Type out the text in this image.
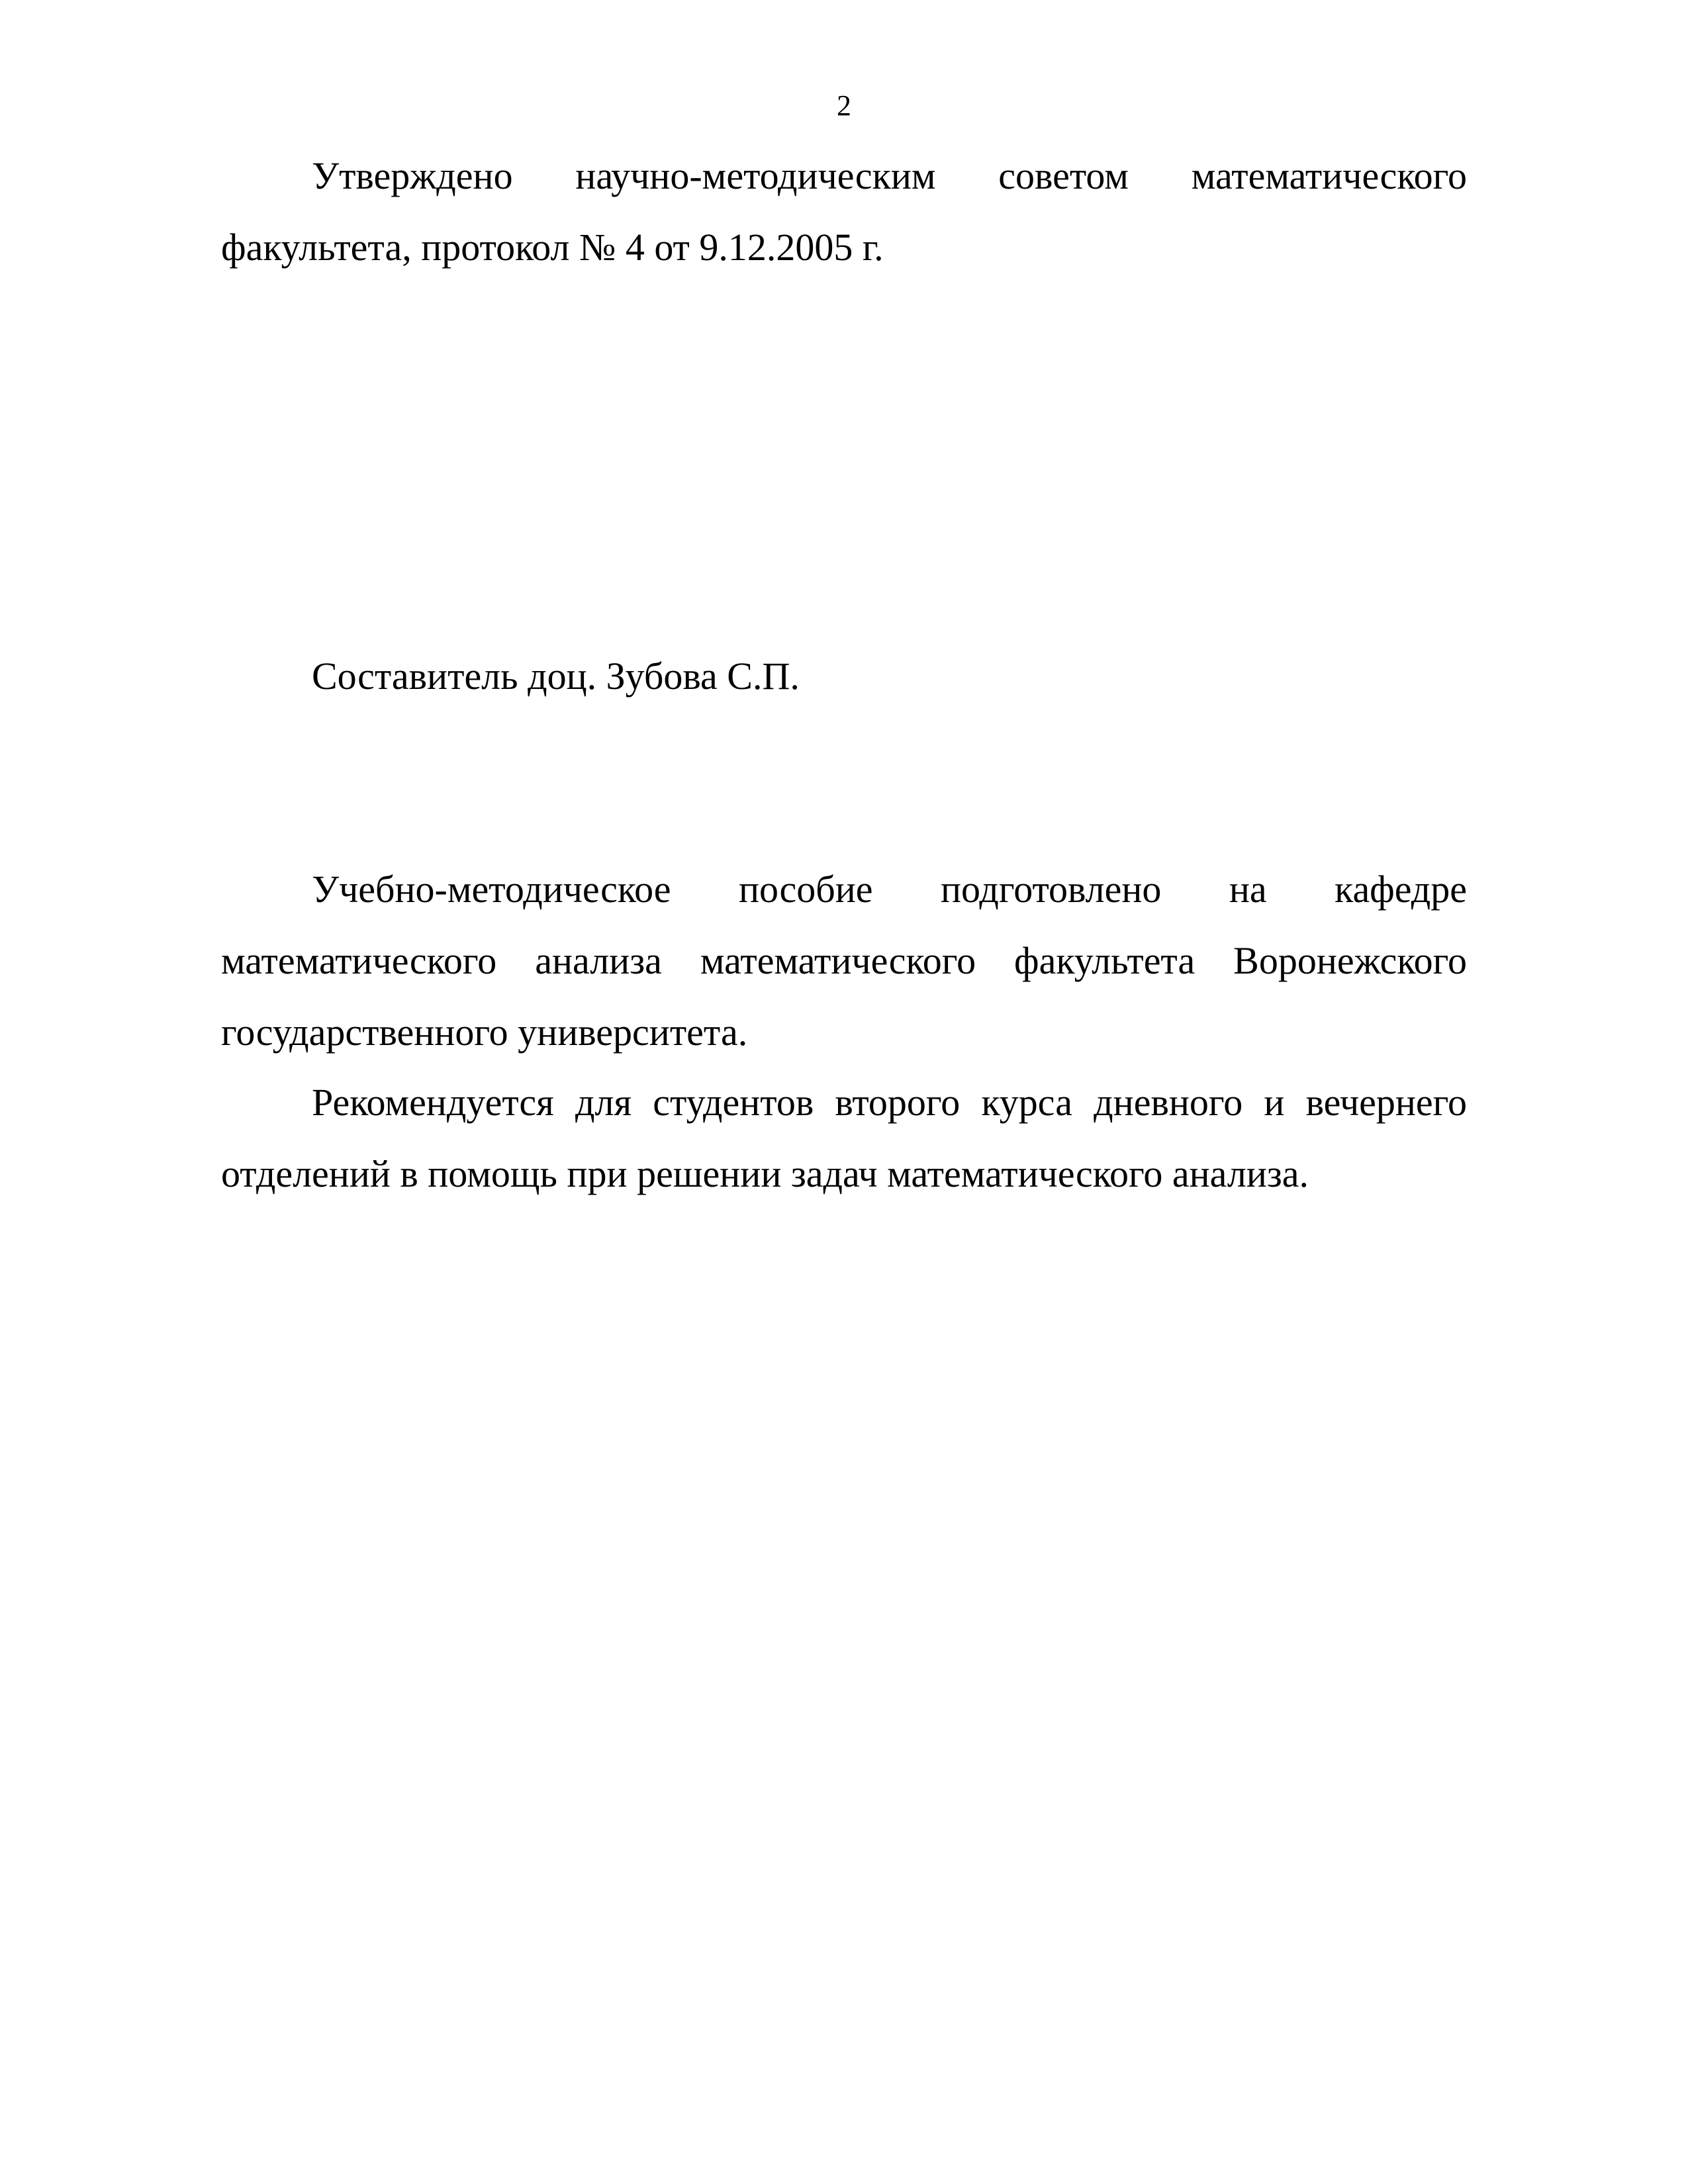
2

Утверждено научно-методическим советом математического факультета, протокол № 4 от 9.12.2005 г.

Составитель доц. Зубова С.П.

Учебно-методическое пособие подготовлено на кафедре математического анализа математического факультета Воронежского государственного университета.

Рекомендуется для студентов второго курса дневного и вечернего отделений в помощь при решении задач математического анализа.
